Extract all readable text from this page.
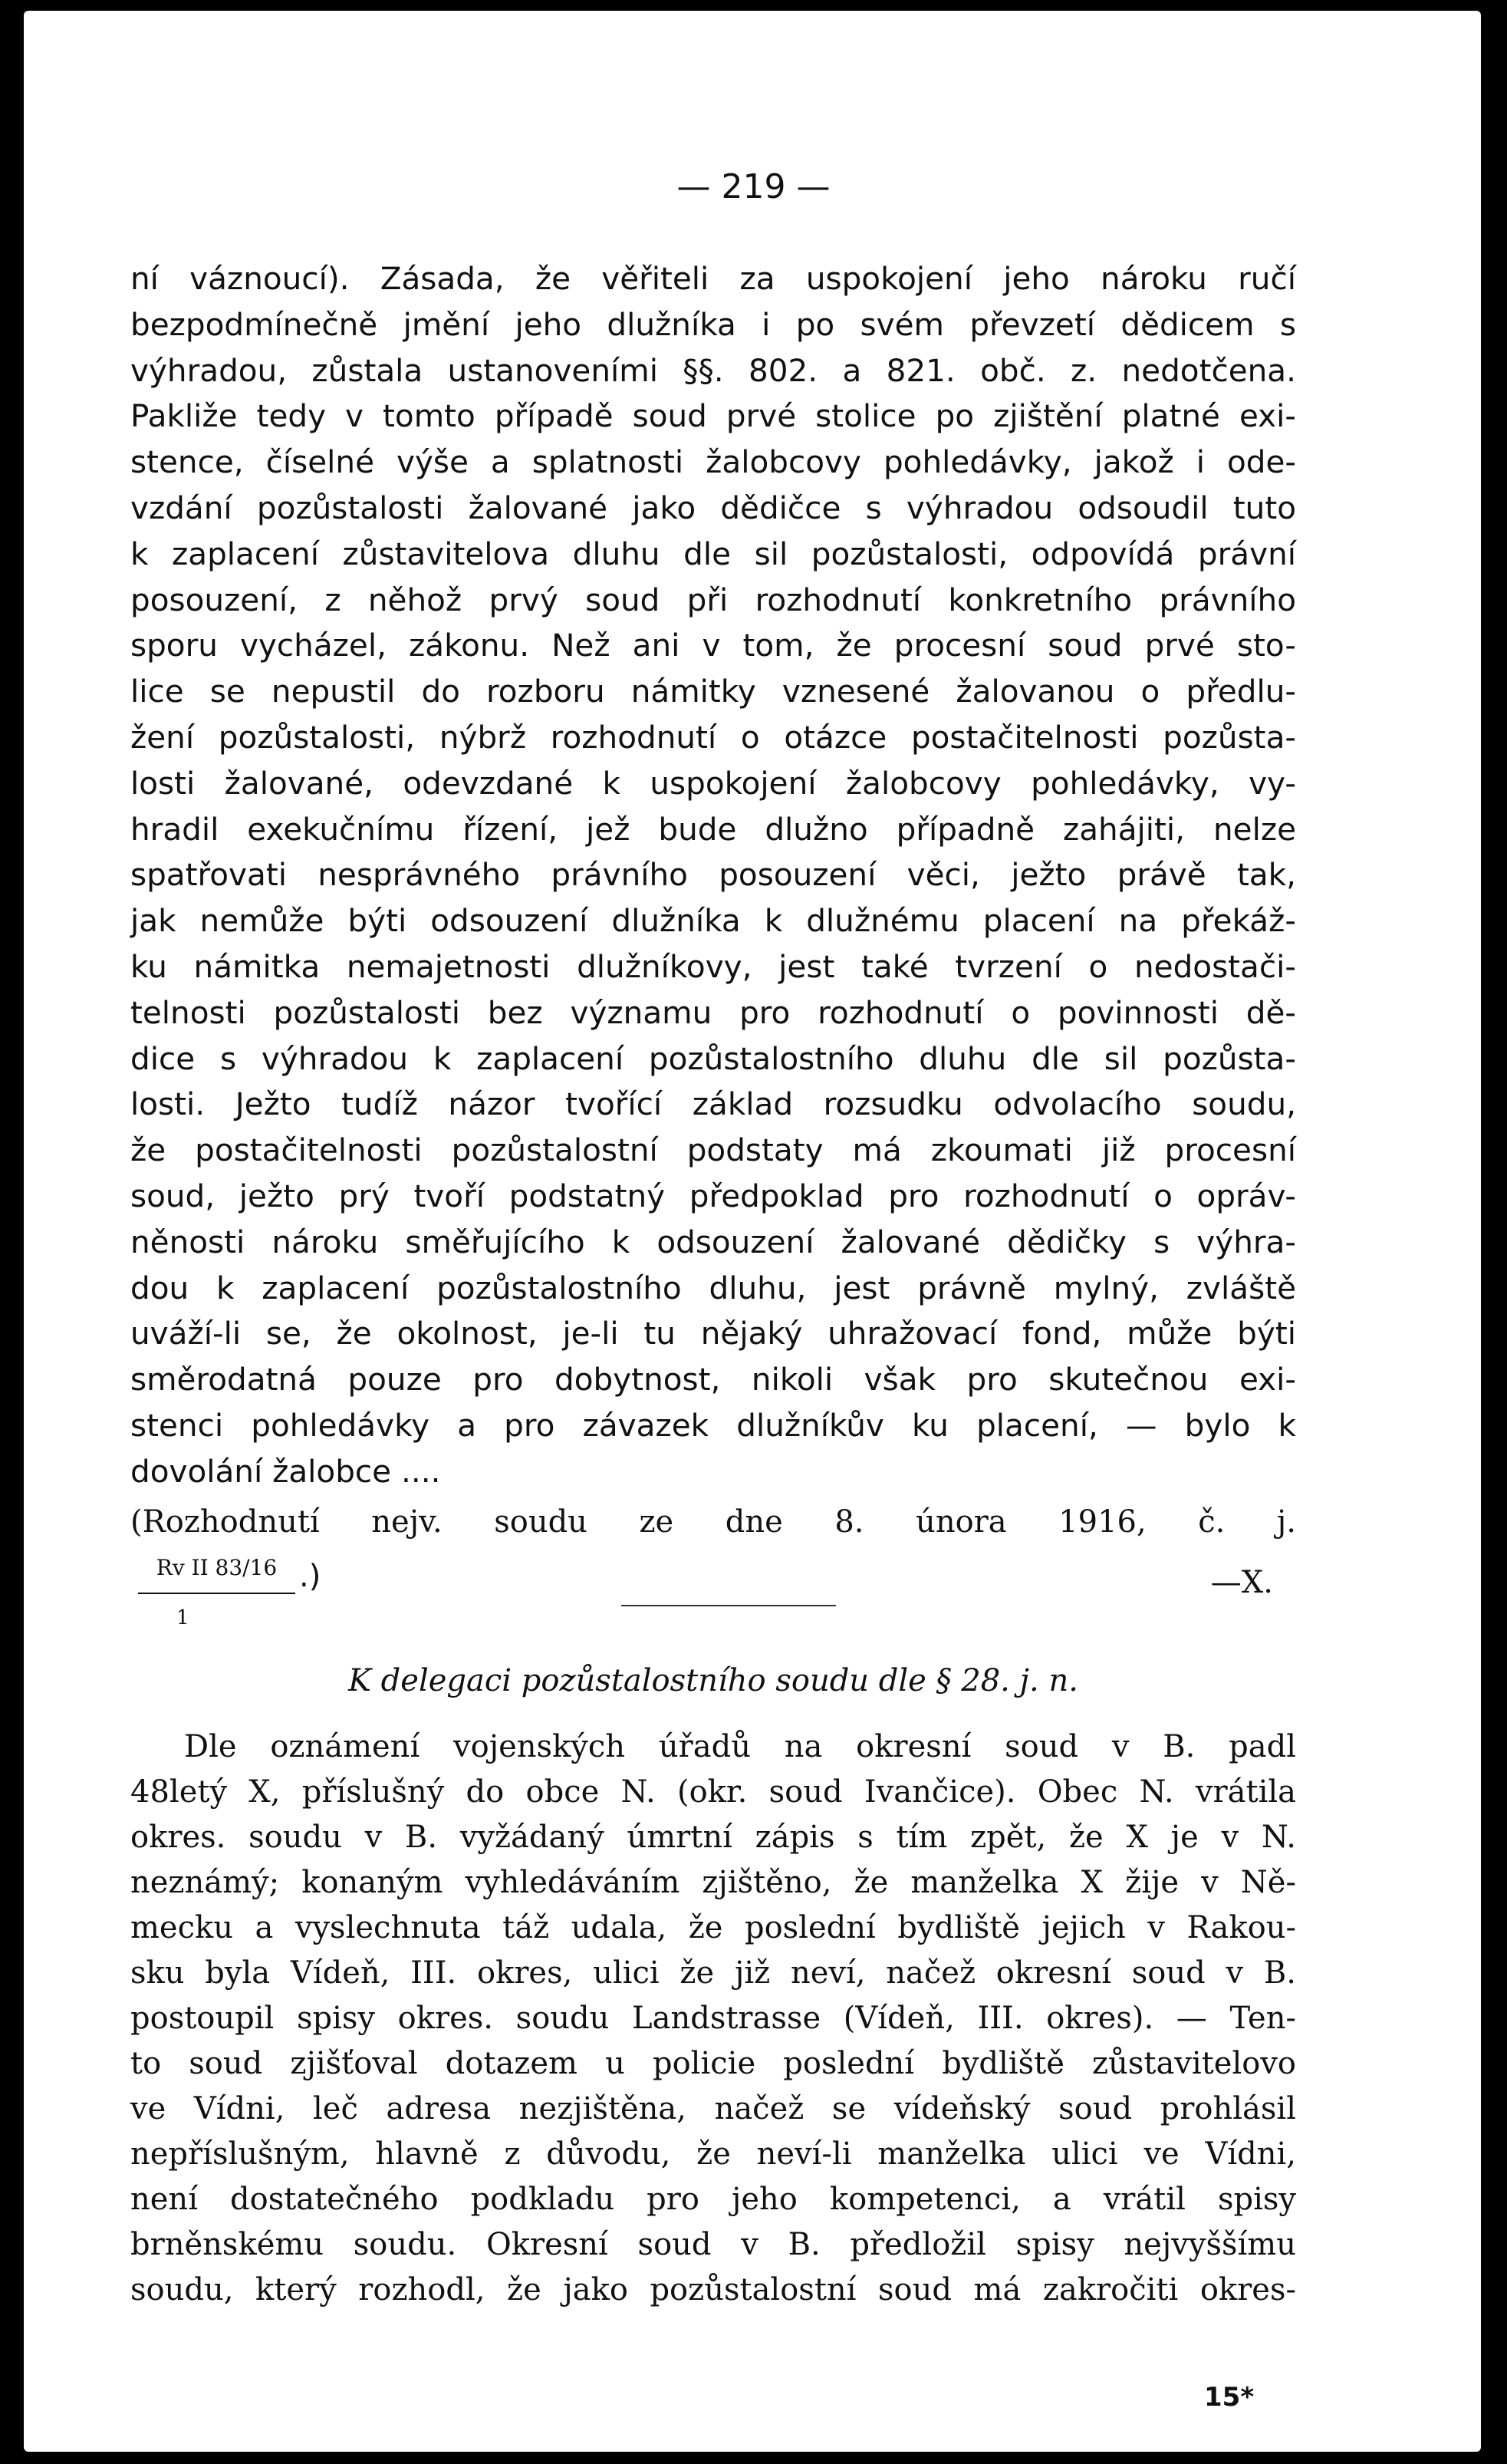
— 219 —
ní váznoucí). Zásada, že věřiteli za uspokojení jeho nároku ručí
bezpodmínečně jmění jeho dlužníka i po svém převzetí dědicem s
výhradou, zůstala ustanoveními §§. 802. a 821. obč. z. nedotčena.
Pakliže tedy v tomto případě soud prvé stolice po zjištění platné exi-
stence, číselné výše a splatnosti žalobcovy pohledávky, jakož i ode-
vzdání pozůstalosti žalované jako dědičce s výhradou odsoudil tuto
k zaplacení zůstavitelova dluhu dle sil pozůstalosti, odpovídá právní
posouzení, z něhož prvý soud při rozhodnutí konkretního právního
sporu vycházel, zákonu. Než ani v tom, že procesní soud prvé sto-
lice se nepustil do rozboru námitky vznesené žalovanou o předlu-
žení pozůstalosti, nýbrž rozhodnutí o otázce postačitelnosti pozůsta-
losti žalované, odevzdané k uspokojení žalobcovy pohledávky, vy-
hradil exekučnímu řízení, jež bude dlužno případně zahájiti, nelze
spatřovati nesprávného právního posouzení věci, ježto právě tak,
jak nemůže býti odsouzení dlužníka k dlužnému placení na překáž-
ku námitka nemajetnosti dlužníkovy, jest také tvrzení o nedostači-
telnosti pozůstalosti bez významu pro rozhodnutí o povinnosti dě-
dice s výhradou k zaplacení pozůstalostního dluhu dle sil pozůsta-
losti. Ježto tudíž názor tvořící základ rozsudku odvolacího soudu,
že postačitelnosti pozůstalostní podstaty má zkoumati již procesní
soud, ježto prý tvoří podstatný předpoklad pro rozhodnutí o opráv-
něnosti nároku směřujícího k odsouzení žalované dědičky s výhra-
dou k zaplacení pozůstalostního dluhu, jest právně mylný, zvláště
uváží-li se, že okolnost, je-li tu nějaký uhražovací fond, může býti
směrodatná pouze pro dobytnost, nikoli však pro skutečnou exi-
stenci pohledávky a pro závazek dlužníkův ku placení, — bylo k
dovolání žalobce ....
(Rozhodnutí nejv. soudu ze dne 8. února 1916, č. j.
Rv II 83/16
1
.)	—X.
K delegaci pozůstalostního soudu dle § 28. j. n.
Dle oznámení vojenských úřadů na okresní soud v B. padl
48letý X, příslušný do obce N. (okr. soud Ivančice). Obec N. vrátila
okres. soudu v B. vyžádaný úmrtní zápis s tím zpět, že X je v N.
neznámý; konaným vyhledáváním zjištěno, že manželka X žije v Ně-
mecku a vyslechnuta táž udala, že poslední bydliště jejich v Rakou-
sku byla Vídeň, III. okres, ulici že již neví, načež okresní soud v B.
postoupil spisy okres. soudu Landstrasse (Vídeň, III. okres). — Ten-
to soud zjišťoval dotazem u policie poslední bydliště zůstavitelovo
ve Vídni, leč adresa nezjištěna, načež se vídeňský soud prohlásil
nepříslušným, hlavně z důvodu, že neví-li manželka ulici ve Vídni,
není dostatečného podkladu pro jeho kompetenci, a vrátil spisy
brněnskému soudu. Okresní soud v B. předložil spisy nejvyššímu
soudu, který rozhodl, že jako pozůstalostní soud má zakročiti okres-
15*
